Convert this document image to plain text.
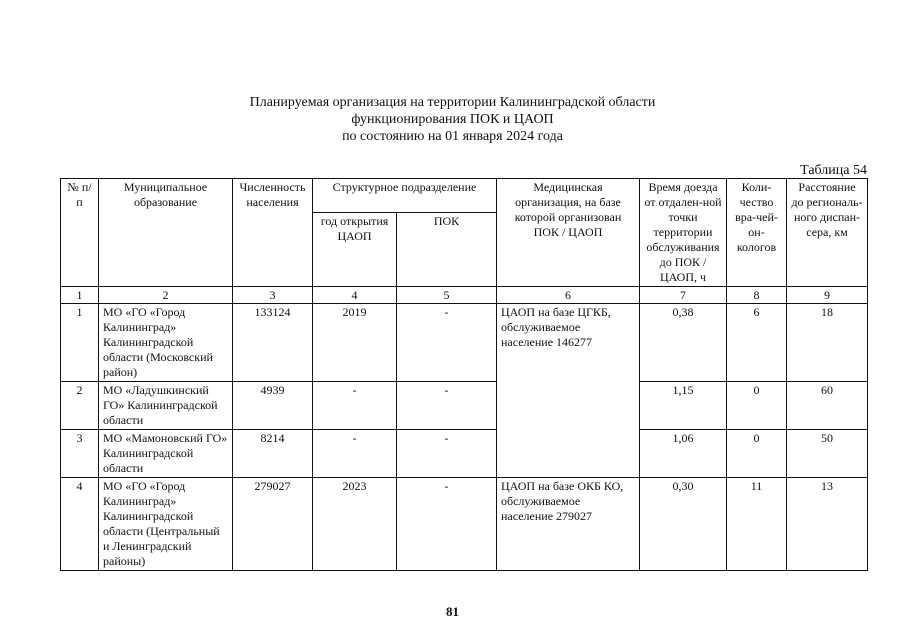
Планируемая организация на территории Калининградской области
функционирования ПОК и ЦАОП
по состоянию на 01 января 2024 года
Таблица 54
№ п/п	Муниципальное образование	Численность населения	Структурное подразделение		Медицинская организация, на базе которой организован ПОК / ЦАОП	Время доезда от отдален-ной точки территории обслуживания до ПОК / ЦАОП, ч	Коли-чество вра-чей-он-кологов	Расстояние до региональ-ного диспан-сера, км
			год открытия ЦАОП	ПОК				
1	2	3	4	5	6	7	8	9
1	МО «ГО «Город Калининград» Калининградской области (Московский район)	133124	2019	-	ЦАОП на базе ЦГКБ, обслуживаемое население 146277	0,38	6	18
2	МО «Ладушкинский ГО» Калининградской области	4939	-	-		1,15	0	60
3	МО «Мамоновский ГО» Калининградской области	8214	-	-		1,06	0	50
4	МО «ГО «Город Калининград» Калининградской области (Центральный и Ленинградский районы)	279027	2023	-	ЦАОП на базе ОКБ КО, обслуживаемое население 279027	0,30	11	13
81
